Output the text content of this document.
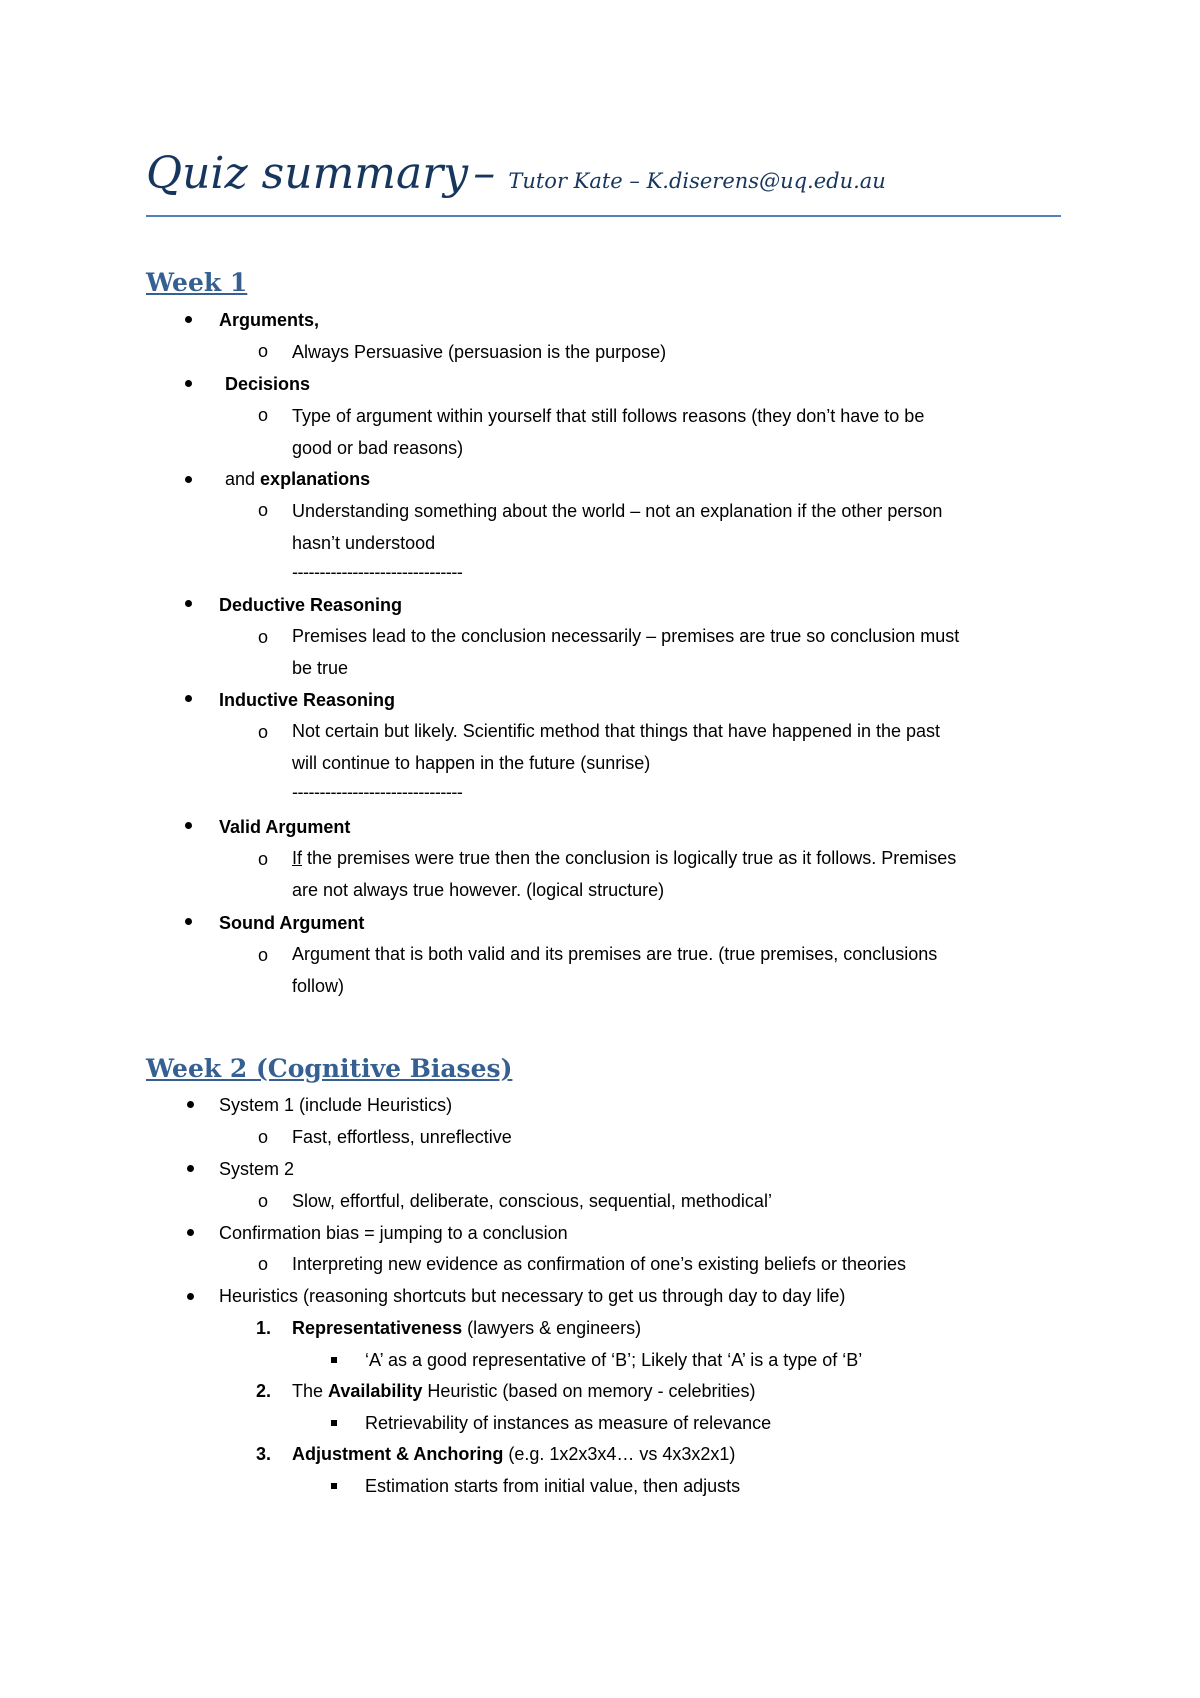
Quiz summary – Tutor Kate – K.diserens@uq.edu.au
Week 1
Arguments,
o Always Persuasive (persuasion is the purpose)
Decisions
o Type of argument within yourself that still follows reasons (they don’t have to be
good or bad reasons)
and explanations
o Understanding something about the world – not an explanation if the other person
hasn’t understood
-------------------------------
Deductive Reasoning
o Premises lead to the conclusion necessarily – premises are true so conclusion must
be true
Inductive Reasoning
o Not certain but likely. Scientific method that things that have happened in the past
will continue to happen in the future (sunrise)
-------------------------------
Valid Argument
o If the premises were true then the conclusion is logically true as it follows. Premises
are not always true however. (logical structure)
Sound Argument
o Argument that is both valid and its premises are true. (true premises, conclusions
follow)
Week 2 (Cognitive Biases)
System 1 (include Heuristics)
o Fast, effortless, unreflective
System 2
o Slow, effortful, deliberate, conscious, sequential, methodical’
Confirmation bias = jumping to a conclusion
o Interpreting new evidence as confirmation of one’s existing beliefs or theories
Heuristics (reasoning shortcuts but necessary to get us through day to day life)
1. Representativeness (lawyers & engineers)
‘A’ as a good representative of ‘B’; Likely that ‘A’ is a type of ‘B’
2. The Availability Heuristic (based on memory - celebrities)
Retrievability of instances as measure of relevance
3. Adjustment & Anchoring (e.g. 1x2x3x4… vs 4x3x2x1)
Estimation starts from initial value, then adjusts
